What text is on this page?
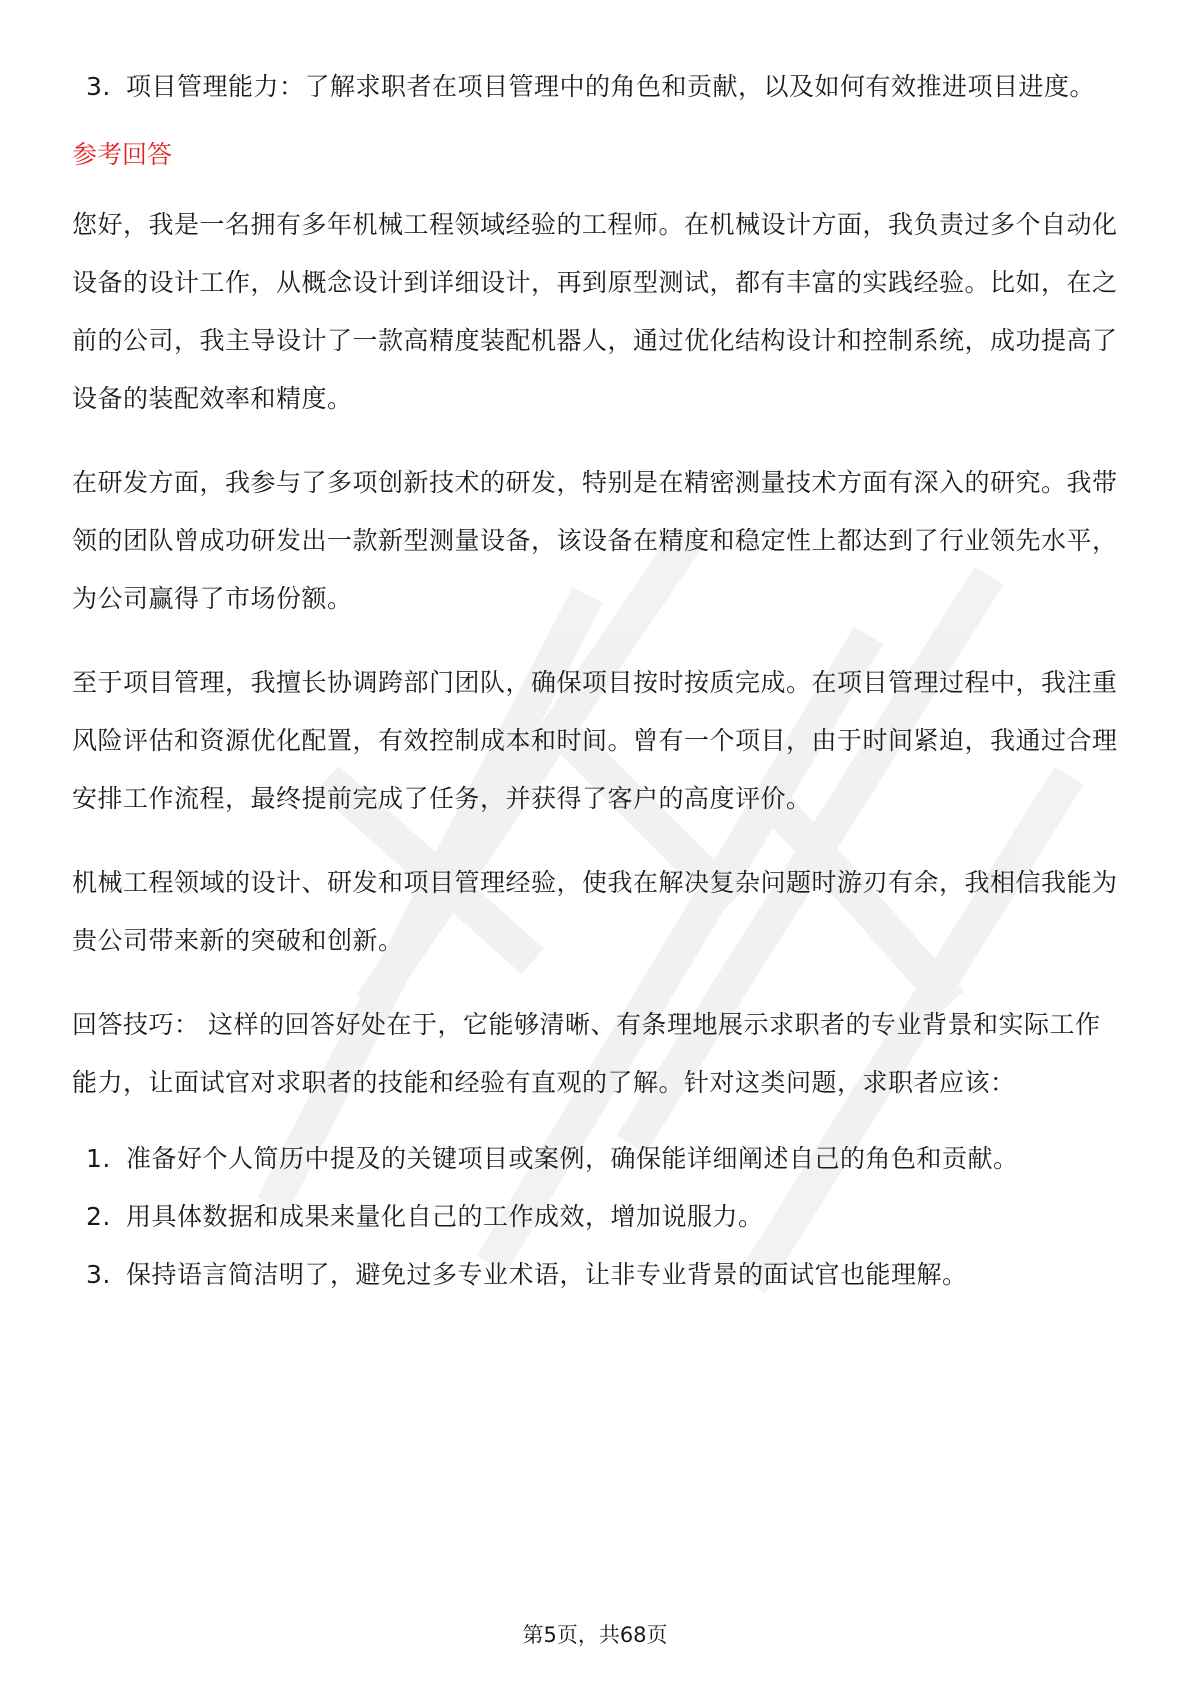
3. 项目管理能力：了解求职者在项目管理中的角色和贡献，以及如何有效推进项目进度。
参考回答

您好，我是一名拥有多年机械工程领域经验的工程师。在机械设计方面，我负责过多个自动化设备的设计工作，从概念设计到详细设计，再到原型测试，都有丰富的实践经验。比如，在之前的公司，我主导设计了一款高精度装配机器人，通过优化结构设计和控制系统，成功提高了设备的装配效率和精度。

在研发方面，我参与了多项创新技术的研发，特别是在精密测量技术方面有深入的研究。我带领的团队曾成功研发出一款新型测量设备，该设备在精度和稳定性上都达到了行业领先水平，为公司赢得了市场份额。

至于项目管理，我擅长协调跨部门团队，确保项目按时按质完成。在项目管理过程中，我注重风险评估和资源优化配置，有效控制成本和时间。曾有一个项目，由于时间紧迫，我通过合理安排工作流程，最终提前完成了任务，并获得了客户的高度评价。

机械工程领域的设计、研发和项目管理经验，使我在解决复杂问题时游刃有余，我相信我能为贵公司带来新的突破和创新。

回答技巧： 这样的回答好处在于，它能够清晰、有条理地展示求职者的专业背景和实际工作能力，让面试官对求职者的技能和经验有直观的了解。针对这类问题，求职者应该：

1. 准备好个人简历中提及的关键项目或案例，确保能详细阐述自己的角色和贡献。
2. 用具体数据和成果来量化自己的工作成效，增加说服力。
3. 保持语言简洁明了，避免过多专业术语，让非专业背景的面试官也能理解。
第5页，共68页
